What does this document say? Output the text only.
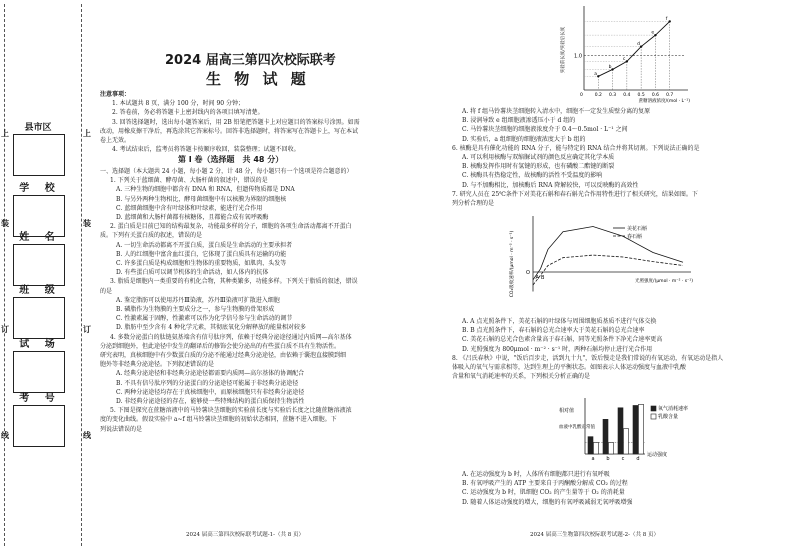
上	上
装	装
订	订
线	线
县市区
学 校
姓 名
班 级
试 场
考 号
2024 届高三第四次校际联考
生 物 试 题
注意事项：
1. 本试题共 8 页，满分 100 分，时间 90 分钟；
2. 答卷前，务必将答题卡上密封线内的各项目填写清楚。
3. 回答选择题时，选出每小题答案后，用 2B 铅笔把答题卡上对应题目的答案标号涂黑。如需
改动，用橡皮擦干净后，再选涂其它答案标号。回答非选择题时，将答案写在答题卡上，写在本试
卷上无效。
4. 考试结束后，监考员将答题卡按顺序收回，装袋整理；试题不回收。
第 Ⅰ 卷（选择题　共 48 分）
一、选择题（本大题共 24 小题，每小题 2 分，计 48 分，每小题只有一个选项是符合题意的）
1. 下列关于蓝细菌、酵母菌、大肠杆菌的叙述中，错误的是
A. 三种生物的细胞中都含有 DNA 和 RNA，但遗传物质都是 DNA
B. 与另外两种生物相比，酵母菌细胞中有以核膜为界限的细胞核
C. 蓝细菌细胞中含有叶绿体和叶绿素，能进行光合作用
D. 蓝细菌和大肠杆菌都有核糖体，且都能合成有氧呼吸酶
2. 蛋白质是目前已知的结构最复杂，功能最多样的分子，细胞的各项生命活动都离不开蛋白
质。下列有关蛋白质的叙述，错误的是
A. 一切生命活动都离不开蛋白质，蛋白质是生命活动的主要承担者
B. 人的红细胞中富含血红蛋白，它体现了蛋白质具有运输的功能
C. 许多蛋白质是构成细胞和生物体的重要物质，如肌肉、头发等
D. 有些蛋白质可以调节机体的生命活动，如人体内的抗体
3. 脂质是细胞内一类重要的有机化合物，其种类繁多，功能多样。下列关于脂质的叙述，错误
的是
A. 鉴定脂肪可以使用苏丹Ⅲ染液，苏丹Ⅲ染液可扩散进入细胞
B. 磷脂作为生物膜的主要成分之一，参与生物膜的骨架形成
C. 性激素属于固醇，性激素可以作为化学信号参与生命活动的调节
D. 脂肪中至少含有 4 种化学元素，其彻底氧化分解释放的能量相对较多
4. 多数分泌蛋白的肽链氨基端含有信号肽序列，依赖于经典分泌途径通过内质网—高尔基体
分泌到细胞外，但此途径中发生的翻译后的修饰会使分泌出的有些蛋白质不具有生物活性。
研究表明，真核细胞中有少数蛋白质的分泌不能通过经典分泌途径，由依赖于囊泡直接膜到细
胞外等非经典分泌途径。下列叙述错误的是
A. 经典分泌途径和非经典分泌途径都需要内质网—高尔基体的协调配合
B. 不具有信号肽序列的分泌蛋白的分泌途径可能属于非经典分泌途径
C. 两种分泌途径均存在于真核细胞中，而原核细胞只有非经典分泌途径
D. 非经典分泌途径的存在，能够使一些特殊结构的蛋白质保持生物活性
5. 下图是探究在蔗糖溶液中的马铃薯块茎细胞的实验前长度与实验后长度之比随蔗糖溶液浓
度的变化曲线。假设实验中 a~f 组马铃薯块茎细胞的初始状态相同，蔗糖不进入细胞。下
列说法错误的是
2024 届高三第四次校际联考试题-1-（共 8 页）
实验前长度/实验后长度 1.0
0.2
a
0.3
b
0.4
c
0.5
d
0.6
e
0.7
f
蔗糖溶液浓度/(mol · L⁻¹)
0
A. 将 f 组马铃薯块茎细胞转入清水中，细胞不一定发生质壁分离的复原
B. 浸润导致 e 组细胞液渗透压小于 d 组的
C. 马铃薯块茎细胞的细胞液浓度介于 0.4～0.5mol · L⁻¹ 之间
D. 实验后，a 组细胞的细胞液浓度大于 b 组的
6. 核酶是具有催化功能的 RNA 分子，能与特定的 RNA 结合并将其切割。下列说法正确的是
A. 可以利用核酶与双缩脲试剂的颜色反应确定其化学本质
B. 核酶发挥作用时有氢键的形成，也有磷酸二酯键的断裂
C. 核酶具有热稳定性，故核酶的活性不受温度的影响
D. 与不加酶相比，加核酶后 RNA 降解较快，可以反映酶的高效性
7. 研究人员在 25℃条件下对美花石斛和春石斛光合作用特性进行了相关研究，结果如图。下
列分析合理的是
CO₂吸收速率/(μmol · m⁻² · s⁻¹) O
美花石斛
春石斛
A B
光照强度/(μmol · m⁻² · s⁻¹)
A. A 点光照条件下，美花石斛的叶绿体与周围细胞质基质不进行气体交换
B. B 点光照条件下，春石斛的总光合速率大于美花石斛的总光合速率
C. 美花石斛的总光合色素含量高于春石斛，同等光照条件下净光合速率更高
D. 光照强度为 800μmol · m⁻² · s⁻¹ 时，两种石斛均停止进行光合作用
8. 《吕氏春秋》中说，"饭后百步走，活到九十九"，饭后慢走是我们常说的有氧运动，有氧运动是指人
体吸入的氧气与需求相等，达到生理上的平衡状态。如图表示人体运动强度与血液中乳酸
含量和氧气消耗速率的关系，下列相关分析正确的是
相对值
血液中乳酸正常值
a b c d
运动强度
氧气消耗速率
乳酸含量
A. 在运动强度为 b 时，人体所有细胞都只进行有氧呼吸
B. 有氧呼吸产生的 ATP 主要来自于丙酮酸分解成 CO₂ 的过程
C. 运动强度为 b 时，肌细胞 CO₂ 的产生量等于 O₂ 的消耗量
D. 随着人体运动强度的增大，细胞的有氧呼吸减弱无氧呼吸增强
2024 届高三生物第四次校际联考试题-2-（共 8 页）
